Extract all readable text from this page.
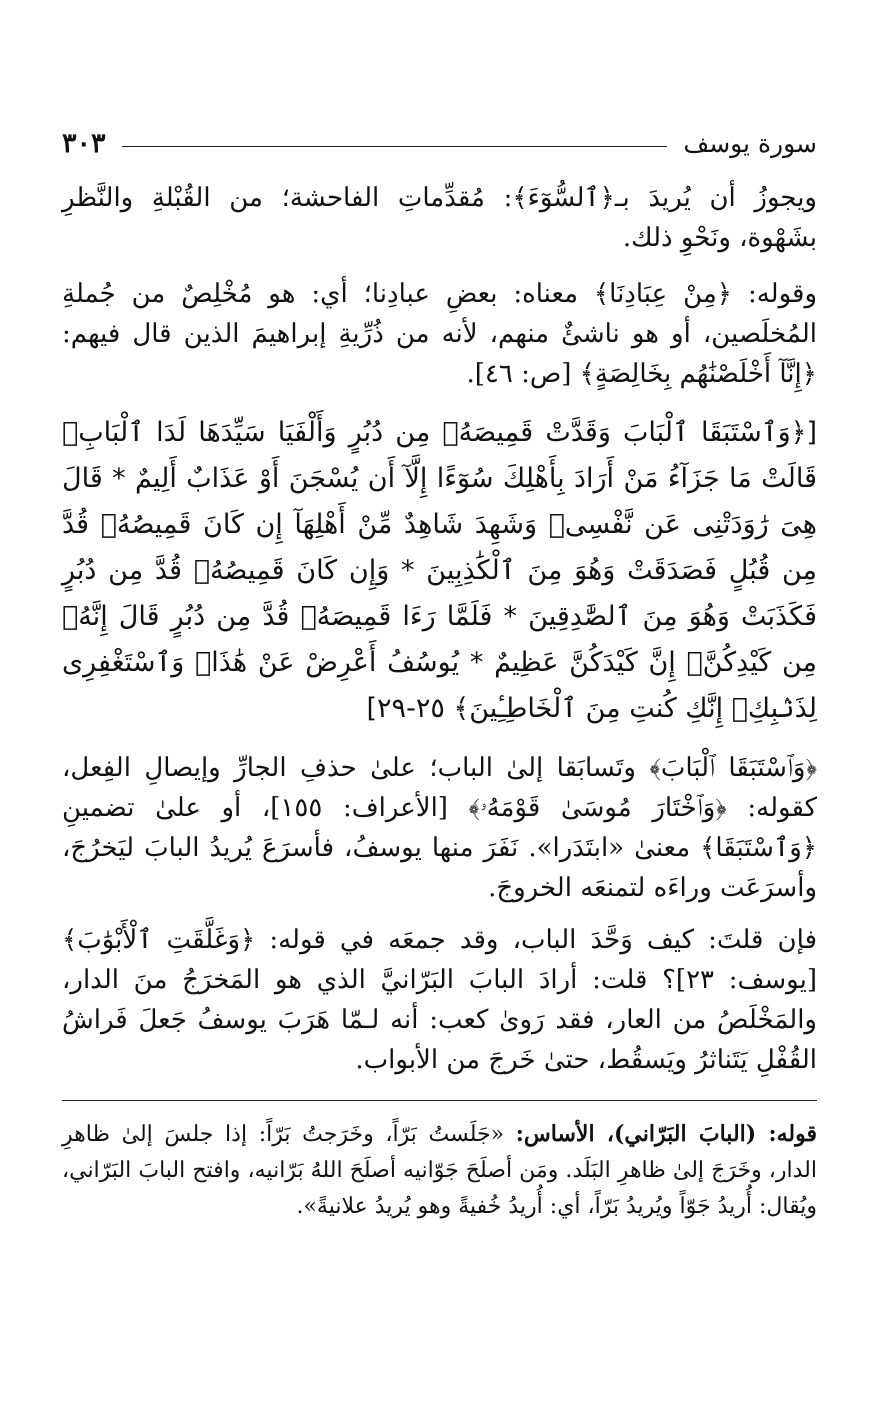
سورة يوسف
٣٠٣

ويجوزُ أن يُريدَ بـ﴿ٱلسُّوٓءَ﴾: مُقدِّماتِ الفاحشة؛ من القُبْلةِ والنَّظرِ بشَهْوة، ونَحْوِ ذلك.

وقوله: ﴿مِنْ عِبَادِنَا﴾ معناه: بعضِ عبادِنا؛ أي: هو مُخْلِصٌ من جُملةِ المُخلَصين، أو هو ناشئٌ منهم، لأنه من ذُرِّيةِ إبراهيمَ الذين قال فيهم: ﴿إِنَّآ أَخْلَصْنَٰهُم بِخَالِصَةٍ﴾ [ص: ٤٦].

[﴿وَٱسْتَبَقَا ٱلْبَابَ وَقَدَّتْ قَمِيصَهُۥ مِن دُبُرٍ وَأَلْفَيَا سَيِّدَهَا لَدَا ٱلْبَابِۚ قَالَتْ مَا جَزَآءُ مَنْ أَرَادَ بِأَهْلِكَ سُوٓءًا إِلَّآ أَن يُسْجَنَ أَوْ عَذَابٌ أَلِيمٌ * قَالَ هِىَ رَٰوَدَتْنِى عَن نَّفْسِىۚ وَشَهِدَ شَاهِدٌ مِّنْ أَهْلِهَآ إِن كَانَ قَمِيصُهُۥ قُدَّ مِن قُبُلٍ فَصَدَقَتْ وَهُوَ مِنَ ٱلْكَٰذِبِينَ * وَإِن كَانَ قَمِيصُهُۥ قُدَّ مِن دُبُرٍ فَكَذَبَتْ وَهُوَ مِنَ ٱلصَّٰدِقِينَ * فَلَمَّا رَءَا قَمِيصَهُۥ قُدَّ مِن دُبُرٍ قَالَ إِنَّهُۥ مِن كَيْدِكُنَّۖ إِنَّ كَيْدَكُنَّ عَظِيمٌ * يُوسُفُ أَعْرِضْ عَنْ هَٰذَاۚ وَٱسْتَغْفِرِى لِذَنۢبِكِۖ إِنَّكِ كُنتِ مِنَ ٱلْخَاطِـِٔينَ﴾ ٢٥-٢٩]

﴿وَٱسْتَبَقَا ٱلْبَابَ﴾ وتَسابَقا إلىٰ الباب؛ علىٰ حذفِ الجارِّ وإيصالِ الفِعل، كقوله: ﴿وَٱخْتَارَ مُوسَىٰ قَوْمَهُۥ﴾ [الأعراف: ١٥٥]، أو علىٰ تضمينِ ﴿وَٱسْتَبَقَا﴾ معنىٰ «ابتَدَرا». نَفَرَ منها يوسفُ، فأسرَعَ يُريدُ البابَ ليَخرُجَ، وأسرَعَت وراءَه لتمنعَه الخروجَ.

فإن قلتَ: كيف وَحَّدَ الباب، وقد جمعَه في قوله: ﴿وَغَلَّقَتِ ٱلْأَبْوَٰبَ﴾ [يوسف: ٢٣]؟ قلت: أرادَ البابَ البَرّانيَّ الذي هو المَخرَجُ منَ الدار، والمَخْلَصُ من العار، فقد رَوىٰ كعب: أنه لـمّا هَرَبَ يوسفُ جَعلَ فَراشُ القُفْلِ يَتَناثرُ ويَسقُط، حتىٰ خَرجَ من الأبواب.

قوله: (البابَ البَرّاني)، الأساس: «جَلَستُ بَرّاً، وخَرَجتُ بَرّاً: إذا جلسَ إلىٰ ظاهرِ الدار، وخَرَجَ إلىٰ ظاهرِ البَلَد. ومَن أصلَحَ جَوّانيه أصلَحَ اللهُ بَرّانيه، وافتح البابَ البَرّاني، ويُقال: أُريدُ جَوّاً ويُريدُ بَرّاً، أي: أُريدُ خُفيةً وهو يُريدُ علانيةً».
